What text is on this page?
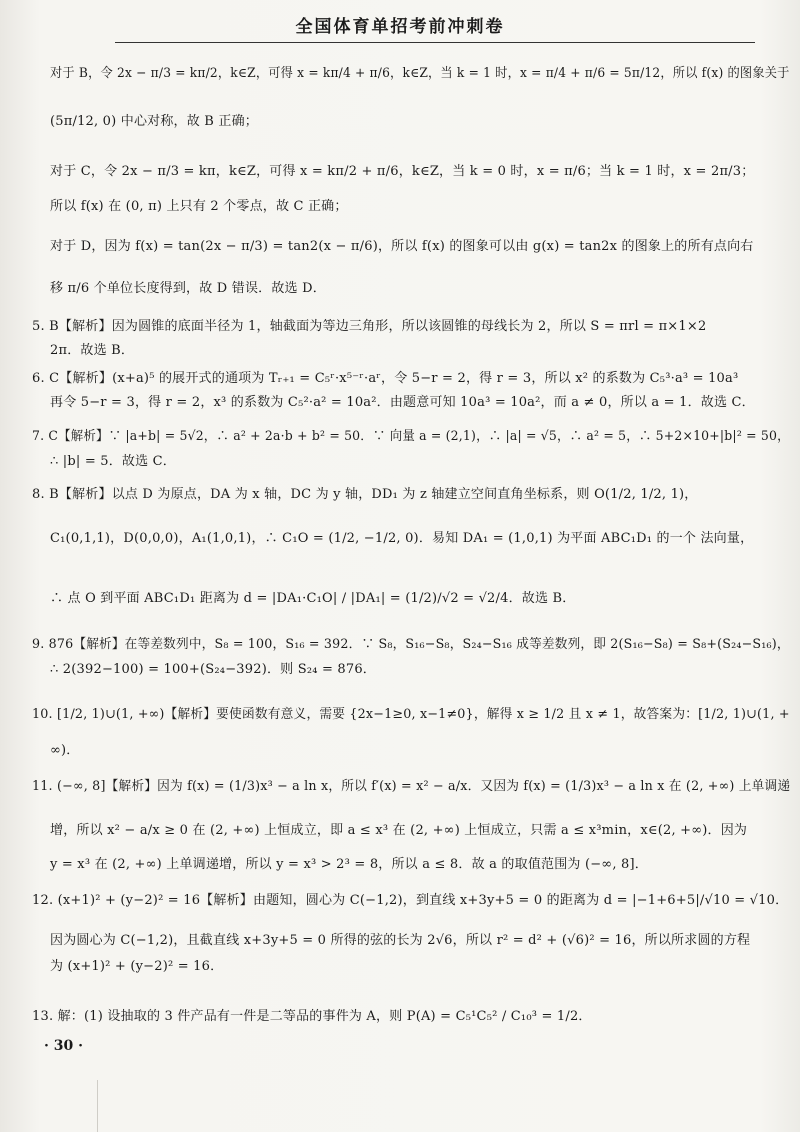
全国体育单招考前冲刺卷
对于 B，令 2x − π/3 = kπ/2，k∈Z，可得 x = kπ/4 + π/6，k∈Z，当 k = 1 时，x = π/4 + π/6 = 5π/12，所以 f(x) 的图象关于
(5π/12, 0) 中心对称，故 B 正确；
对于 C，令 2x − π/3 = kπ，k∈Z，可得 x = kπ/2 + π/6，k∈Z，当 k = 0 时，x = π/6；当 k = 1 时，x = 2π/3；
所以 f(x) 在 (0, π) 上只有 2 个零点，故 C 正确；
对于 D，因为 f(x) = tan(2x − π/3) = tan2(x − π/6)，所以 f(x) 的图象可以由 g(x) = tan2x 的图象上的所有点向右
移 π/6 个单位长度得到，故 D 错误．故选 D．
5. B【解析】因为圆锥的底面半径为 1，轴截面为等边三角形，所以该圆锥的母线长为 2，所以 S = πrl = π×1×2
2π．故选 B．
6. C【解析】(x+a)⁵ 的展开式的通项为 Tᵣ₊₁ = C₅ʳ·x⁵⁻ʳ·aʳ，令 5−r = 2，得 r = 3，所以 x² 的系数为 C₅³·a³ = 10a³
再令 5−r = 3，得 r = 2，x³ 的系数为 C₅²·a² = 10a²．由题意可知 10a³ = 10a²，而 a ≠ 0，所以 a = 1．故选 C．
7. C【解析】∵ |a+b| = 5√2，∴ a² + 2a·b + b² = 50．∵ 向量 a = (2,1)，∴ |a| = √5，∴ a² = 5，∴ 5+2×10+|b|² = 50，
∴ |b| = 5．故选 C．
8. B【解析】以点 D 为原点，DA 为 x 轴，DC 为 y 轴，DD₁ 为 z 轴建立空间直角坐标系，则 O(1/2, 1/2, 1)，
C₁(0,1,1)，D(0,0,0)，A₁(1,0,1)，∴ C₁O = (1/2, −1/2, 0)．易知 DA₁ = (1,0,1) 为平面 ABC₁D₁ 的一个 法向量，
∴ 点 O 到平面 ABC₁D₁ 距离为 d = |DA₁·C₁O| / |DA₁| = (1/2)/√2 = √2/4．故选 B．
9. 876【解析】在等差数列中，S₈ = 100，S₁₆ = 392．∵ S₈，S₁₆−S₈，S₂₄−S₁₆ 成等差数列，即 2(S₁₆−S₈) = S₈+(S₂₄−S₁₆)，
∴ 2(392−100) = 100+(S₂₄−392)．则 S₂₄ = 876．
10. [1/2, 1)∪(1, +∞)【解析】要使函数有意义，需要 {2x−1≥0, x−1≠0}，解得 x ≥ 1/2 且 x ≠ 1，故答案为：[1/2, 1)∪(1, +
∞)．
11. (−∞, 8]【解析】因为 f(x) = (1/3)x³ − a ln x，所以 f′(x) = x² − a/x．又因为 f(x) = (1/3)x³ − a ln x 在 (2, +∞) 上单调递
增，所以 x² − a/x ≥ 0 在 (2, +∞) 上恒成立，即 a ≤ x³ 在 (2, +∞) 上恒成立，只需 a ≤ x³min，x∈(2, +∞)．因为
y = x³ 在 (2, +∞) 上单调递增，所以 y = x³ > 2³ = 8，所以 a ≤ 8．故 a 的取值范围为 (−∞, 8]．
12. (x+1)² + (y−2)² = 16【解析】由题知，圆心为 C(−1,2)，到直线 x+3y+5 = 0 的距离为 d = |−1+6+5|/√10 = √10．
因为圆心为 C(−1,2)，且截直线 x+3y+5 = 0 所得的弦的长为 2√6，所以 r² = d² + (√6)² = 16，所以所求圆的方程
为 (x+1)² + (y−2)² = 16．
13. 解：(1) 设抽取的 3 件产品有一件是二等品的事件为 A，则 P(A) = C₅¹C₅² / C₁₀³ = 1/2．
· 30 ·
